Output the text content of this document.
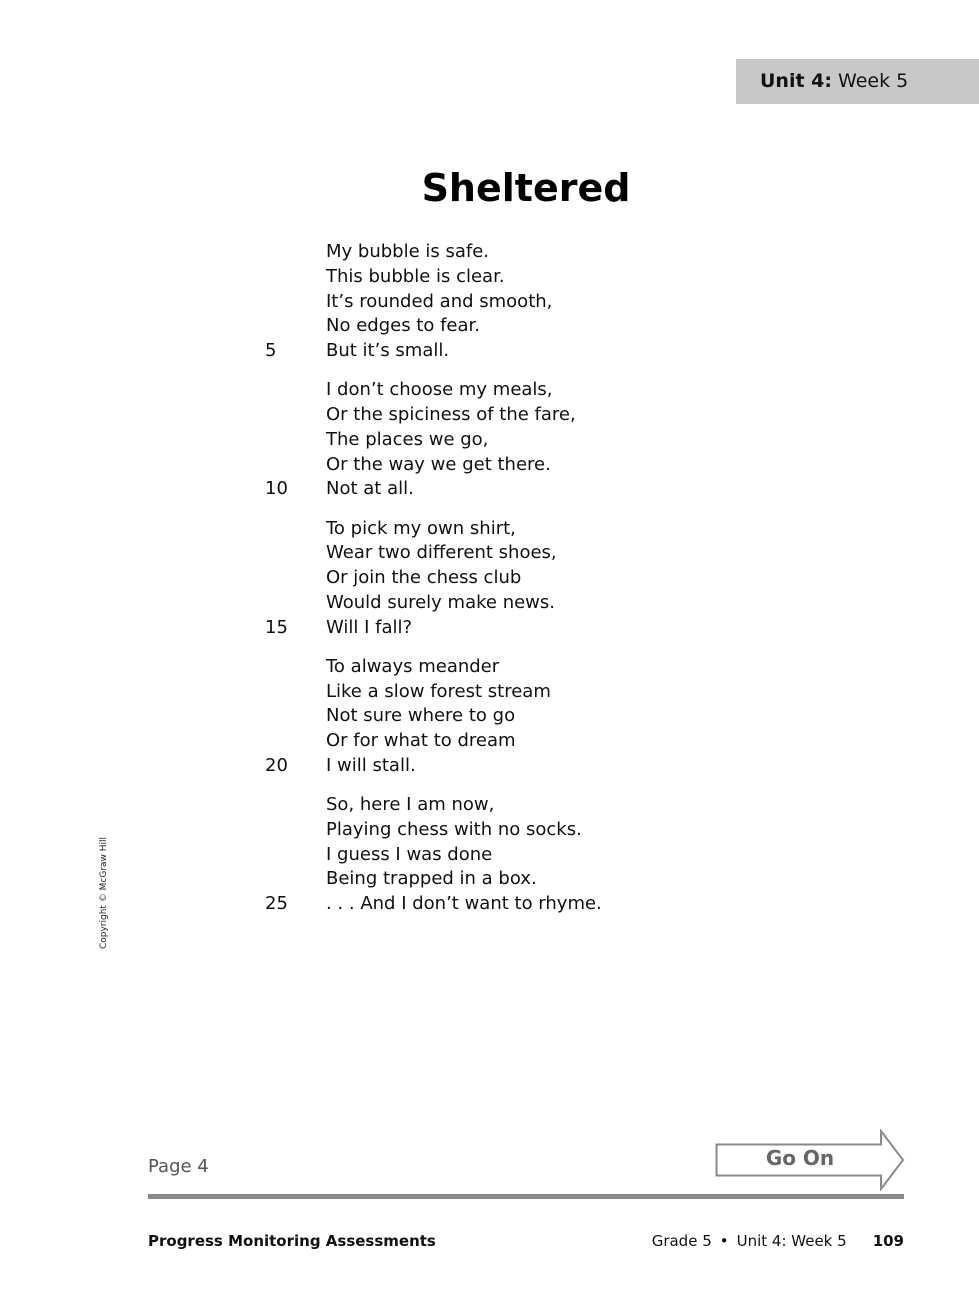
Unit 4: Week 5
Sheltered
My bubble is safe.
This bubble is clear.
It’s rounded and smooth,
No edges to fear.
5	But it’s small.
I don’t choose my meals,
Or the spiciness of the fare,
The places we go,
Or the way we get there.
10	Not at all.
To pick my own shirt,
Wear two different shoes,
Or join the chess club
Would surely make news.
15	Will I fall?
To always meander
Like a slow forest stream
Not sure where to go
Or for what to dream
20	I will stall.
So, here I am now,
Playing chess with no socks.
I guess I was done
Being trapped in a box.
25	. . . And I don’t want to rhyme.
Copyright © McGraw Hill
Page 4	Go On
Progress Monitoring Assessments	Grade 5 • Unit 4: Week 5 109
